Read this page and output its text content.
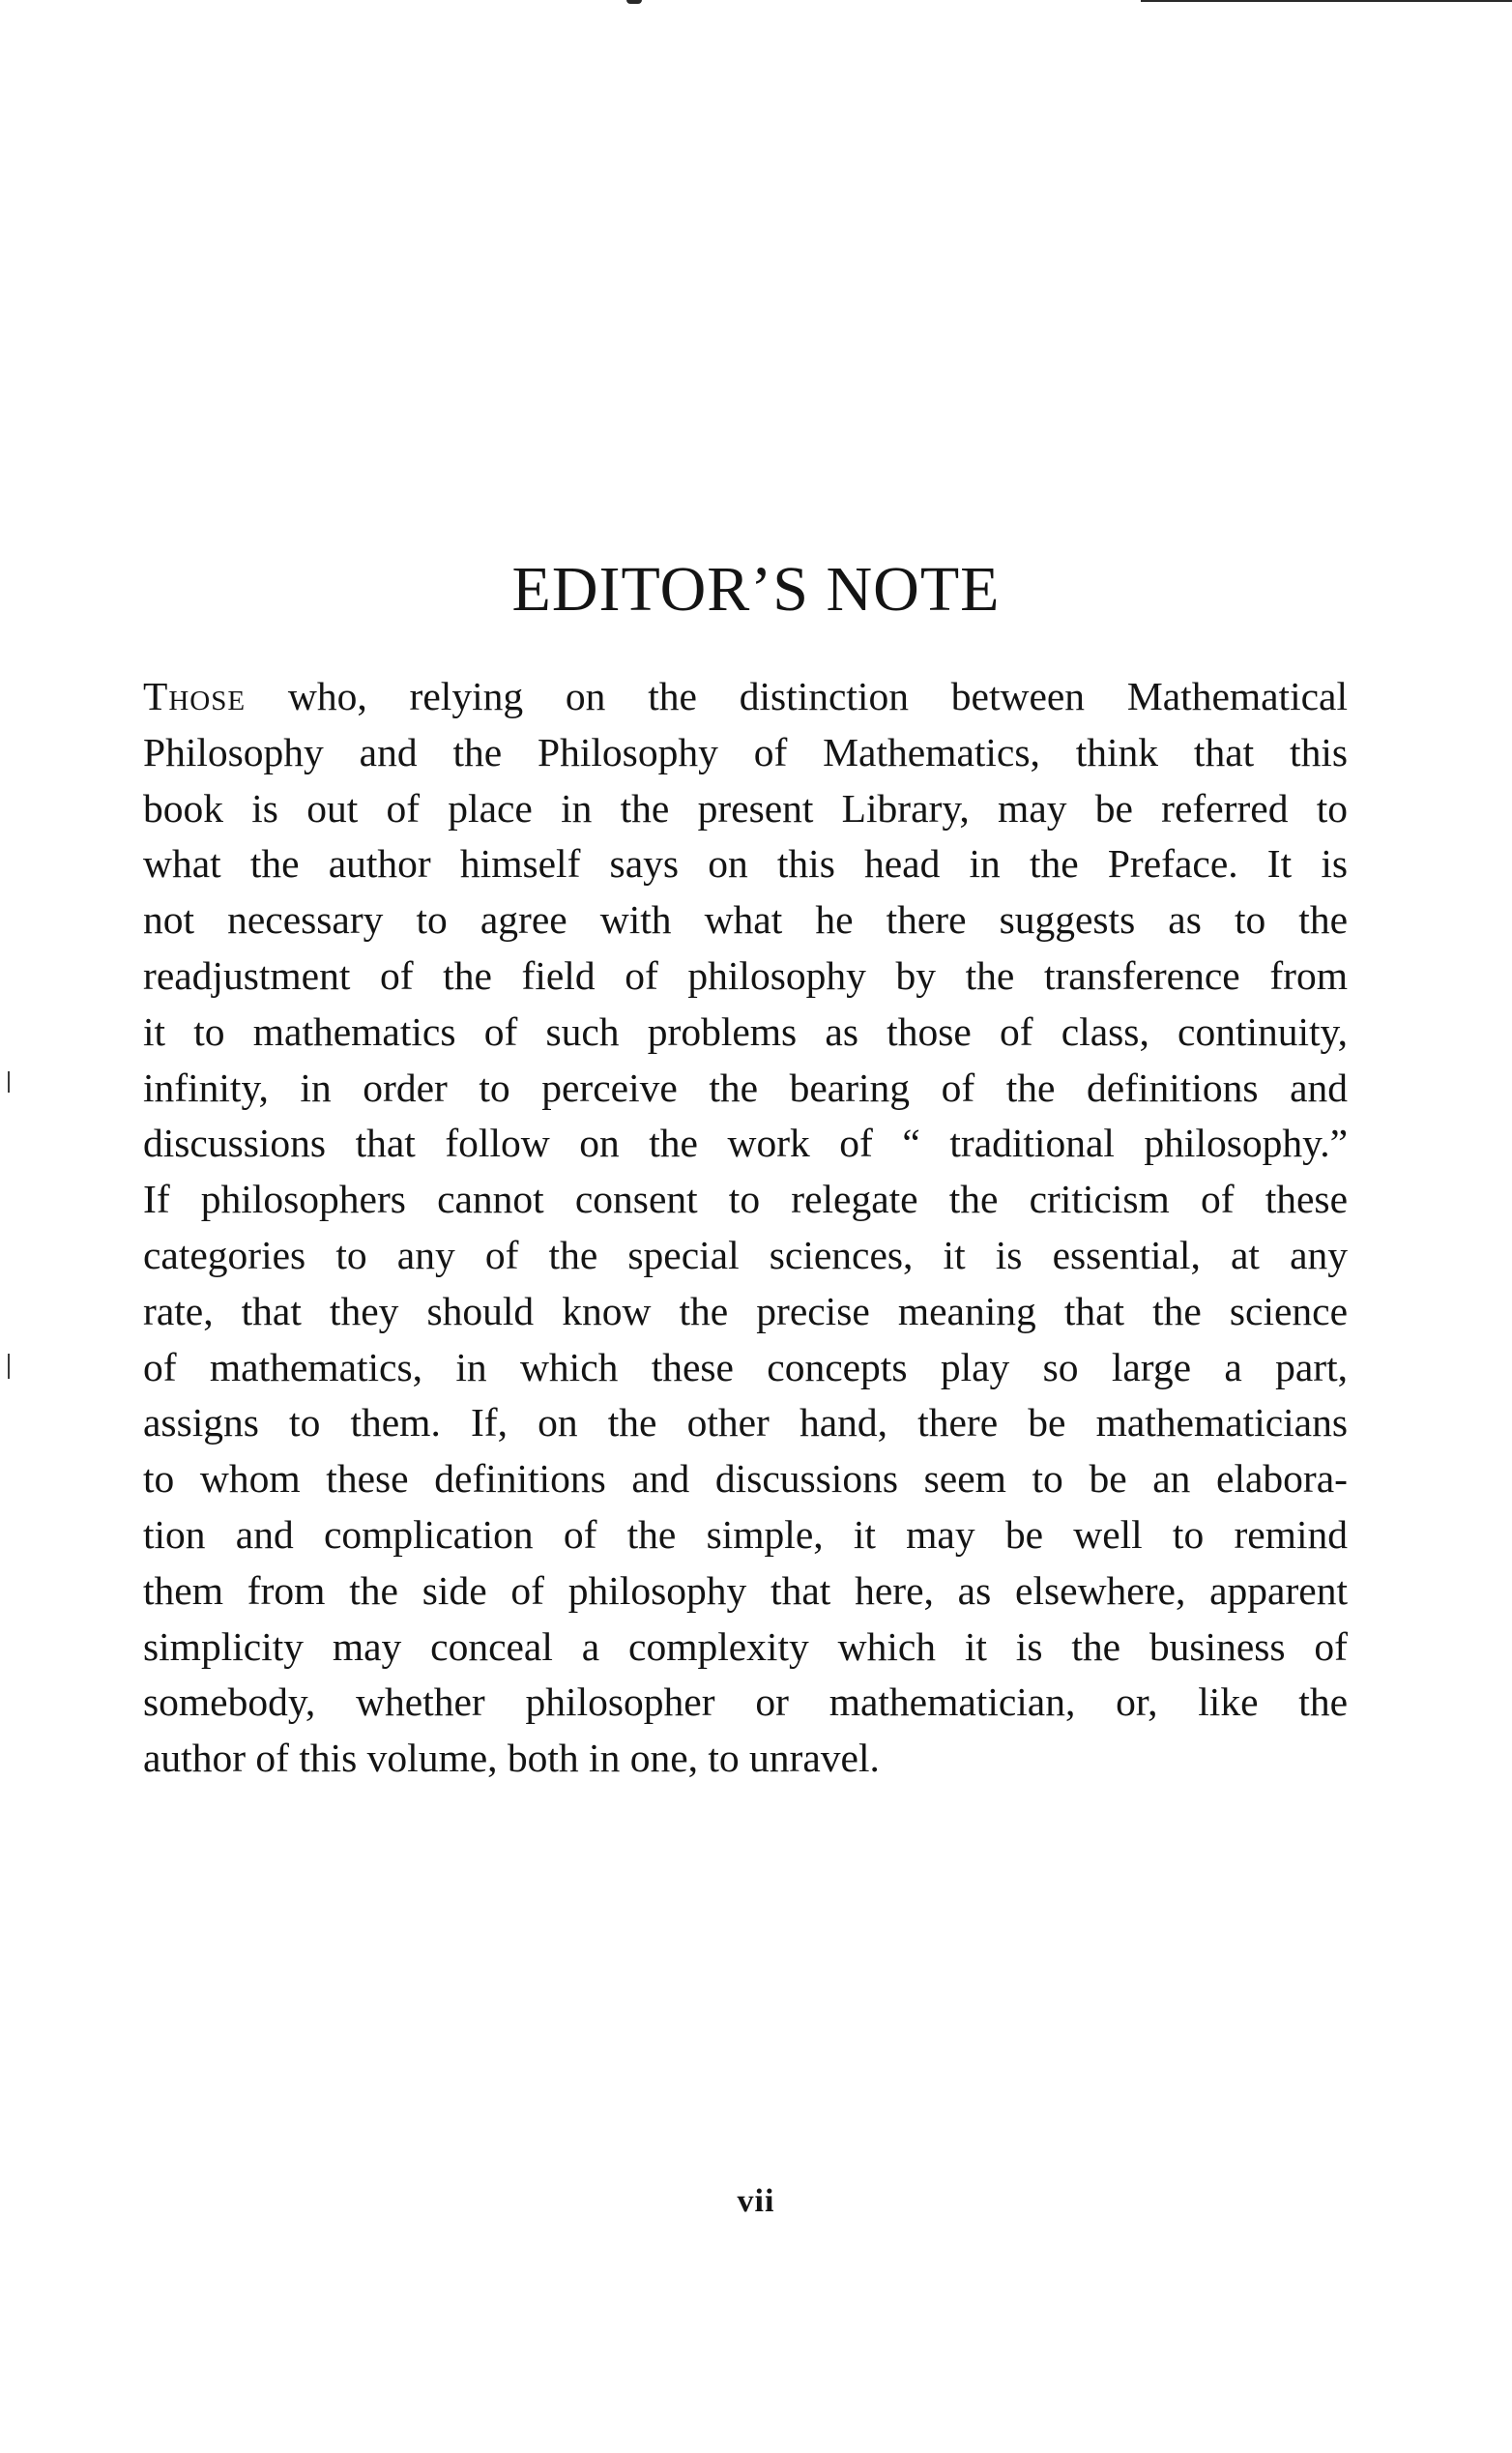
EDITOR’S NOTE
Those who, relying on the distinction between Mathematical
Philosophy and the Philosophy of Mathematics, think that this
book is out of place in the present Library, may be referred to
what the author himself says on this head in the Preface. It is
not necessary to agree with what he there suggests as to the
readjustment of the field of philosophy by the transference from
it to mathematics of such problems as those of class, continuity,
infinity, in order to perceive the bearing of the definitions and
discussions that follow on the work of “ traditional philosophy.”
If philosophers cannot consent to relegate the criticism of these
categories to any of the special sciences, it is essential, at any
rate, that they should know the precise meaning that the science
of mathematics, in which these concepts play so large a part,
assigns to them. If, on the other hand, there be mathematicians
to whom these definitions and discussions seem to be an elabora-
tion and complication of the simple, it may be well to remind
them from the side of philosophy that here, as elsewhere, apparent
simplicity may conceal a complexity which it is the business of
somebody, whether philosopher or mathematician, or, like the
author of this volume, both in one, to unravel.
vii
